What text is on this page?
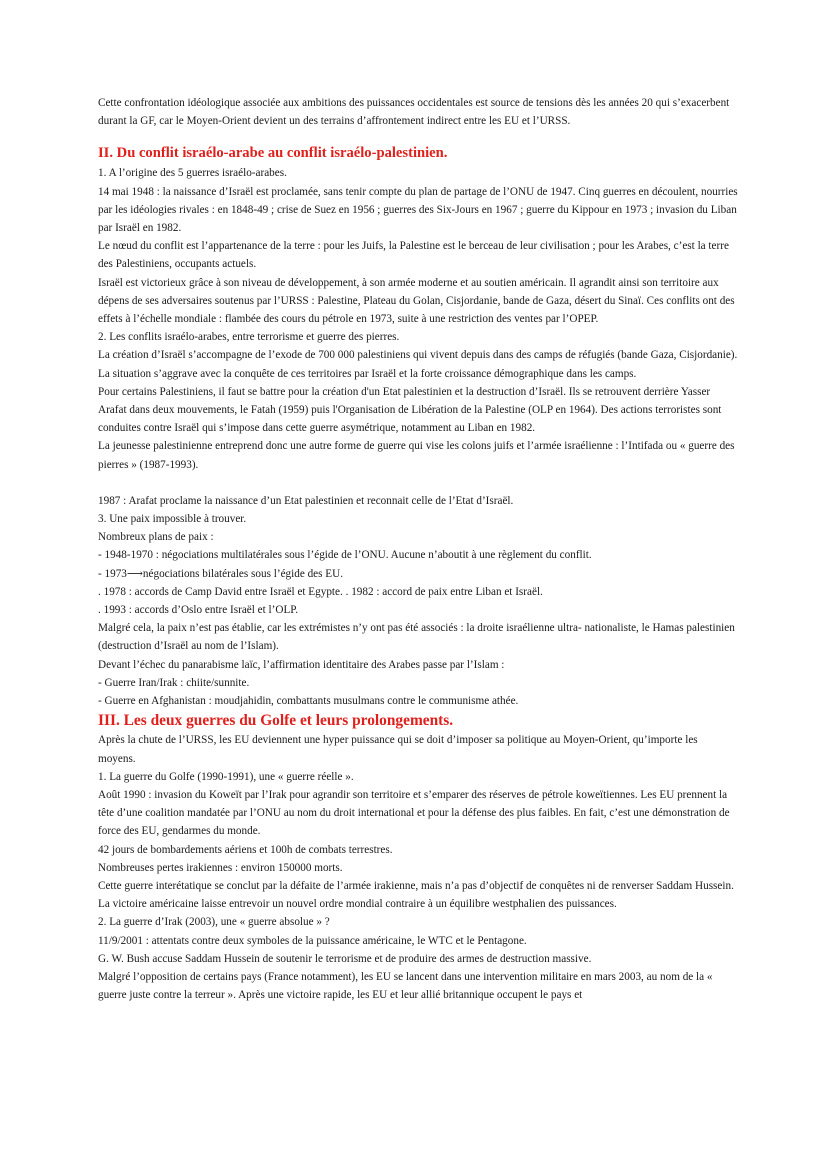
Cette confrontation idéologique associée aux ambitions des puissances occidentales est source de tensions dès les années 20 qui s’exacerbent durant la GF, car le Moyen-Orient devient un des terrains d’affrontement indirect entre les EU et l’URSS.

II. Du conflit israélo-arabe au conflit israélo-palestinien.

1. A l’origine des 5 guerres israélo-arabes.

14 mai 1948 : la naissance d’Israël est proclamée, sans tenir compte du plan de partage de l’ONU de 1947. Cinq guerres en découlent, nourries par les idéologies rivales : en 1848-49 ; crise de Suez en 1956 ; guerres des Six-Jours en 1967 ; guerre du Kippour en 1973 ; invasion du Liban par Israël en 1982.

Le nœud du conflit est l’appartenance de la terre : pour les Juifs, la Palestine est le berceau de leur civilisation ; pour les Arabes, c’est la terre des Palestiniens, occupants actuels.

Israël est victorieux grâce à son niveau de développement, à son armée moderne et au soutien américain. Il agrandit ainsi son territoire aux dépens de ses adversaires soutenus par l’URSS : Palestine, Plateau du Golan, Cisjordanie, bande de Gaza, désert du Sinaï. Ces conflits ont des effets à l’échelle mondiale : flambée des cours du pétrole en 1973, suite à une restriction des ventes par l’OPEP.

2. Les conflits israélo-arabes, entre terrorisme et guerre des pierres.

La création d’Israël s’accompagne de l’exode de 700 000 palestiniens qui vivent depuis dans des camps de réfugiés (bande Gaza, Cisjordanie). La situation s’aggrave avec la conquête de ces territoires par Israël et la forte croissance démographique dans les camps.

Pour certains Palestiniens, il faut se battre pour la création d'un Etat palestinien et la destruction d’Israël. Ils se retrouvent derrière Yasser Arafat dans deux mouvements, le Fatah (1959) puis l'Organisation de Libération de la Palestine (OLP en 1964). Des actions terroristes sont conduites contre Israël qui s’impose dans cette guerre asymétrique, notamment au Liban en 1982.

La jeunesse palestinienne entreprend donc une autre forme de guerre qui vise les colons juifs et l’armée israélienne : l’Intifada ou « guerre des pierres » (1987-1993).

1987 : Arafat proclame la naissance d’un Etat palestinien et reconnait celle de l’Etat d’Israël.

3. Une paix impossible à trouver.

Nombreux plans de paix :

- 1948-1970 : négociations multilatérales sous l’égide de l’ONU. Aucune n’aboutit à une règlement du conflit.

- 1973⟶négociations bilatérales sous l’égide des EU.

. 1978 : accords de Camp David entre Israël et Egypte. . 1982 : accord de paix entre Liban et Israël.

. 1993 : accords d’Oslo entre Israël et l’OLP.

Malgré cela, la paix n’est pas établie, car les extrémistes n’y ont pas été associés : la droite israélienne ultra- nationaliste, le Hamas palestinien (destruction d’Israël au nom de l’Islam).

Devant l’échec du panarabisme laïc, l’affirmation identitaire des Arabes passe par l’Islam :

- Guerre Iran/Irak : chiite/sunnite.

- Guerre en Afghanistan : moudjahidin, combattants musulmans contre le communisme athée.

III. Les deux guerres du Golfe et leurs prolongements.

Après la chute de l’URSS, les EU deviennent une hyper puissance qui se doit d’imposer sa politique au Moyen-Orient, qu’importe les moyens.

1. La guerre du Golfe (1990-1991), une « guerre réelle ».

Août 1990 : invasion du Koweït par l’Irak pour agrandir son territoire et s’emparer des réserves de pétrole koweïtiennes. Les EU prennent la tête d’une coalition mandatée par l’ONU au nom du droit international et pour la défense des plus faibles. En fait, c’est une démonstration de force des EU, gendarmes du monde.

42 jours de bombardements aériens et 100h de combats terrestres.

Nombreuses pertes irakiennes : environ 150000 morts.

Cette guerre interétatique se conclut par la défaite de l’armée irakienne, mais n’a pas d’objectif de conquêtes ni de renverser Saddam Hussein. La victoire américaine laisse entrevoir un nouvel ordre mondial contraire à un équilibre westphalien des puissances.

2. La guerre d’Irak (2003), une « guerre absolue » ?

11/9/2001 : attentats contre deux symboles de la puissance américaine, le WTC et le Pentagone.

G. W. Bush accuse Saddam Hussein de soutenir le terrorisme et de produire des armes de destruction massive.

Malgré l’opposition de certains pays (France notamment), les EU se lancent dans une intervention militaire en mars 2003, au nom de la « guerre juste contre la terreur ». Après une victoire rapide, les EU et leur allié britannique occupent le pays et
